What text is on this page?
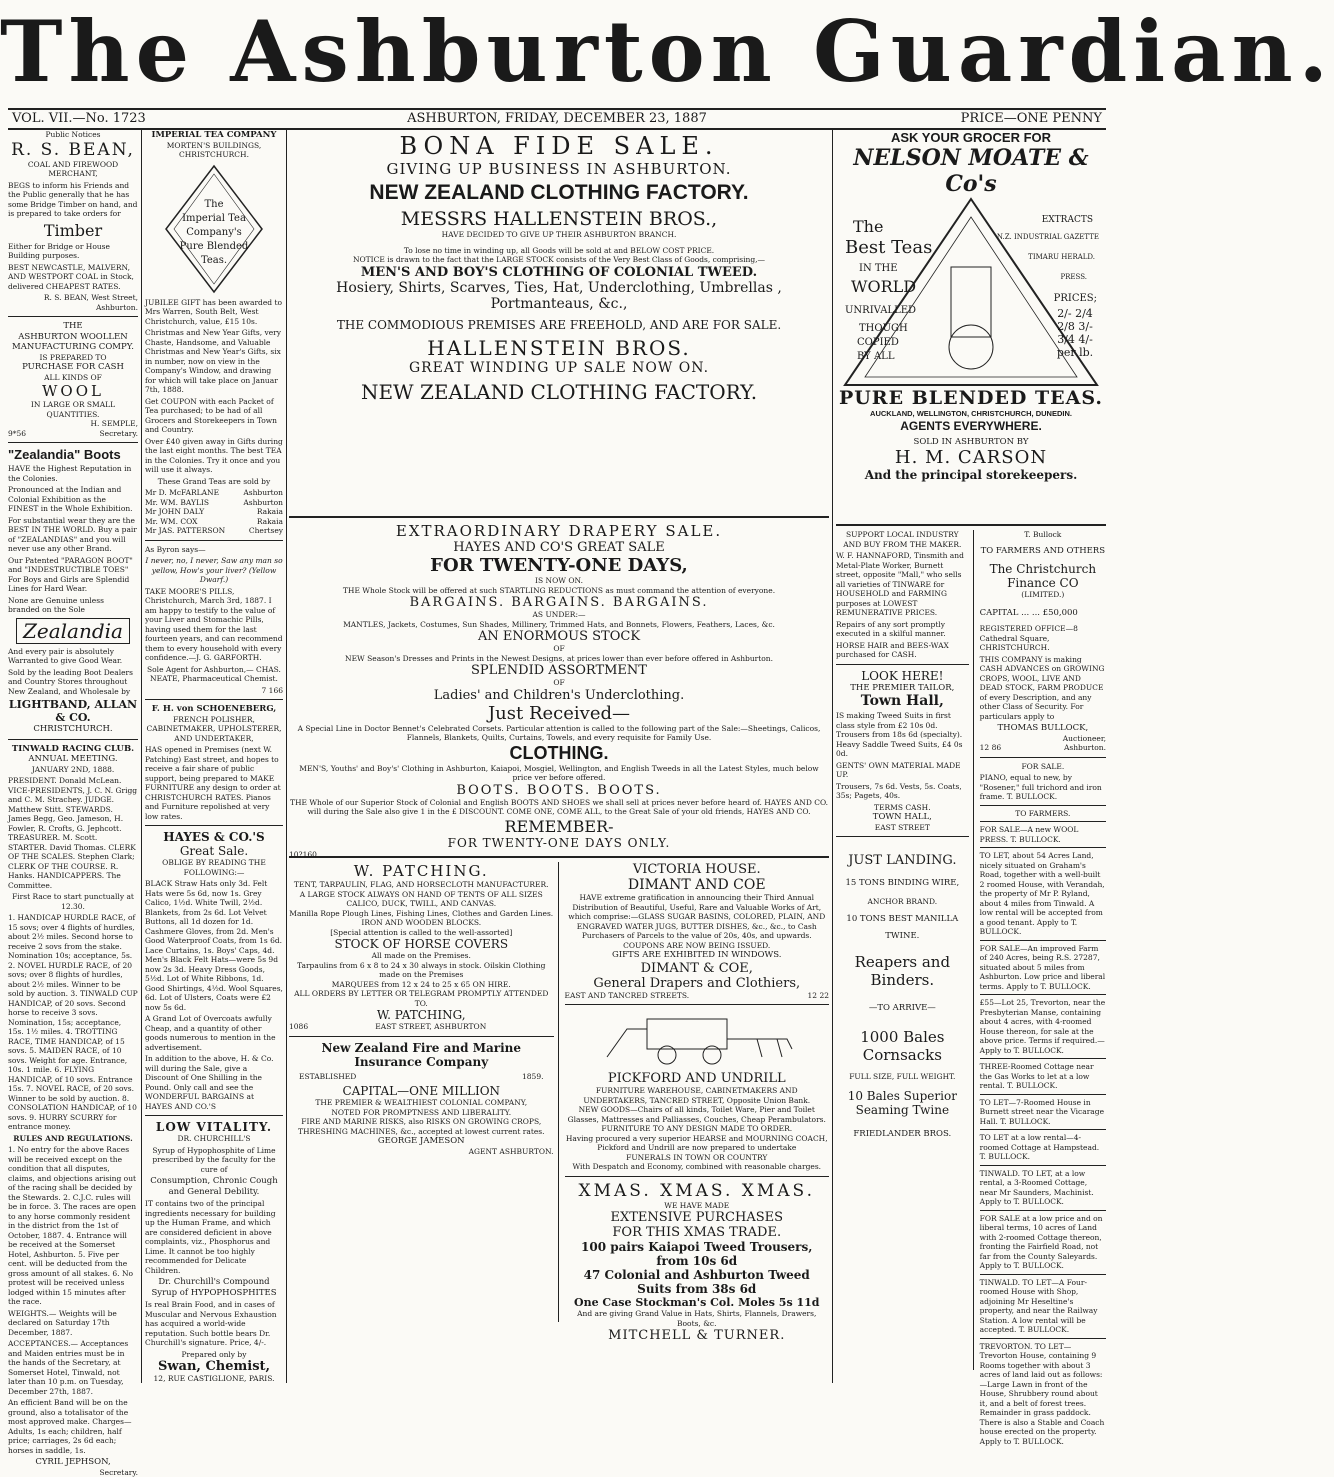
The Ashburton Guardian.
VOL. VII.—No. 1723	ASHBURTON, FRIDAY, DECEMBER 23, 1887	PRICE—ONE PENNY
Public Notices
R. S. BEAN,
COAL AND FIREWOOD MERCHANT,

BEGS to inform his Friends and the Public generally that he has some Bridge Timber on hand, and is prepared to take orders for

Timber

Either for Bridge or House Building purposes.

BEST NEWCASTLE, MALVERN, AND WESTPORT COAL in Stock, delivered CHEAPEST RATES.

R. S. BEAN, West Street, Ashburton.

THE
ASHBURTON WOOLLEN MANUFACTURING COMPY.
IS PREPARED TO
PURCHASE FOR CASH
ALL KINDS OF
WOOL
IN LARGE OR SMALL QUANTITIES.
H. SEMPLE,
9*56	Secretary.
"Zealandia" Boots

HAVE the Highest Reputation in the Colonies.

Pronounced at the Indian and Colonial Exhibition as the FINEST in the Whole Exhibition.

For substantial wear they are the BEST IN THE WORLD. Buy a pair of "ZEALANDIAS" and you will never use any other Brand.

Our Patented "PARAGON BOOT" and "INDESTRUCTIBLE TOES" For Boys and Girls are Splendid Lines for Hard Wear.

None are Genuine unless branded on the Sole

Zealandia

And every pair is absolutely Warranted to give Good Wear.

Sold by the leading Boot Dealers and Country Stores throughout New Zealand, and Wholesale by

LIGHTBAND, ALLAN & CO.
CHRISTCHURCH.
TINWALD RACING CLUB.
ANNUAL MEETING.
JANUARY 2ND, 1888.

PRESIDENT. Donald McLean. VICE-PRESIDENTS, J. C. N. Grigg and C. M. Strachey. JUDGE. Matthew Stitt. STEWARDS. James Begg, Geo. Jameson, H. Fowler, R. Crofts, G. Jephcott. TREASURER. M. Scott. STARTER. David Thomas. CLERK OF THE SCALES. Stephen Clark; CLERK OF THE COURSE. R. Hanks. HANDICAPPERS. The Committee.

First Race to start punctually at 12.30.

1. HANDICAP HURDLE RACE, of 15 sovs; over 4 flights of hurdles, about 2½ miles. Second horse to receive 2 sovs from the stake. Nomination 10s; acceptance, 5s. 2. NOVEL HURDLE RACE, of 20 sovs; over 8 flights of hurdles, about 2½ miles. Winner to be sold by auction. 3. TINWALD CUP HANDICAP, of 20 sovs. Second horse to receive 3 sovs. Nomination, 15s; acceptance, 15s. 1½ miles. 4. TROTTING RACE, TIME HANDICAP, of 15 sovs. 5. MAIDEN RACE, of 10 sovs. Weight for age. Entrance, 10s. 1 mile. 6. FLYING HANDICAP, of 10 sovs. Entrance 15s. 7. NOVEL RACE, of 20 sovs. Winner to be sold by auction. 8. CONSOLATION HANDICAP, of 10 sovs. 9. HURRY SCURRY for entrance money.

RULES AND REGULATIONS.

1. No entry for the above Races will be received except on the condition that all disputes, claims, and objections arising out of the racing shall be decided by the Stewards. 2. C.J.C. rules will be in force. 3. The races are open to any horse commonly resident in the district from the 1st of October, 1887. 4. Entrance will be received at the Somerset Hotel, Ashburton. 5. Five per cent. will be deducted from the gross amount of all stakes. 6. No protest will be received unless lodged within 15 minutes after the race.

WEIGHTS.— Weights will be declared on Saturday 17th December, 1887.

ACCEPTANCES.— Acceptances and Maiden entries must be in the hands of the Secretary, at Somerset Hotel, Tinwald, not later than 10 p.m. on Tuesday, December 27th, 1887.

An efficient Band will be on the ground, also a totalisator of the most approved make. Charges—Adults, 1s each; children, half price; carriages, 2s 6d each; horses in saddle, 1s.

CYRIL JEPHSON,
Secretary.
IMPERIAL TEA COMPANY
MORTEN'S BUILDINGS,
CHRISTCHURCH.
The
Imperial Tea
Company's
Pure Blended
Teas.

JUBILEE GIFT has been awarded to Mrs Warren, South Belt, West Christchurch, value, £15 10s.

Christmas and New Year Gifts, very Chaste, Handsome, and Valuable Christmas and New Year's Gifts, six in number, now on view in the Company's Window, and drawing for which will take place on Januar 7th, 1888.

Get COUPON with each Packet of Tea purchased; to be had of all Grocers and Storekeepers in Town and Country.

Over £40 given away in Gifts during the last eight months. The best TEA in the Colonies. Try it once and you will use it always.

These Grand Teas are sold by

Mr D. McFARLANE	Ashburton
Mr. WM. BAYLIS	Ashburton
Mr JOHN DALY	Rakaia
Mr. WM. COX	Rakaia
Mr JAS. PATTERSON	Chertsey

As Byron says—

I never, no, I never, Saw any man so yellow, How's your liver? (Yellow Dwarf.)

TAKE MOORE'S PILLS, Christchurch, March 3rd, 1887. I am happy to testify to the value of your Liver and Stomachic Pills, having used them for the last fourteen years, and can recommend them to every household with every confidence.—J. G. GARFORTH.

Sole Agent for Ashburton,— CHAS. NEATE, Pharmaceutical Chemist.

7 166
F. H. von SCHOENEBERG,
FRENCH POLISHER, CABINETMAKER, UPHOLSTERER, AND UNDERTAKER,

HAS opened in Premises (next W. Patching) East street, and hopes to receive a fair share of public support, being prepared to MAKE FURNITURE any design to order at CHRISTCHURCH RATES. Pianos and Furniture repolished at very low rates.

HAYES & CO.'S
Great Sale.
OBLIGE BY READING THE FOLLOWING:—

BLACK Straw Hats only 3d. Felt Hats were 5s 6d, now 1s. Grey Calico, 1½d. White Twill, 2½d. Blankets, from 2s 6d. Lot Velvet Buttons, all 1d dozen for 1d. Cashmere Gloves, from 2d. Men's Good Waterproof Coats, from 1s 6d. Lace Curtains, 1s. Boys' Caps, 4d. Men's Black Felt Hats—were 5s 9d now 2s 3d. Heavy Dress Goods, 5½d. Lot of White Ribbons, 1d. Good Shirtings, 4½d. Wool Squares, 6d. Lot of Ulsters, Coats were £2 now 5s 6d.

A Grand Lot of Overcoats awfully Cheap, and a quantity of other goods numerous to mention in the advertisement.

In addition to the above, H. & Co. will during the Sale, give a Discount of One Shilling in the Pound. Only call and see the WONDERFUL BARGAINS at HAYES AND CO.'S

LOW VITALITY.
DR. CHURCHILL'S

Syrup of Hypophosphite of Lime prescribed by the faculty for the cure of

Consumption, Chronic Cough and General Debility.

IT contains two of the principal ingredients necessary for building up the Human Frame, and which are considered deficient in above complaints, viz., Phosphorus and Lime. It cannot be too highly recommended for Delicate Children.

Dr. Churchill's Compound Syrup of HYPOPHOSPHITES

Is real Brain Food, and in cases of Muscular and Nervous Exhaustion has acquired a world-wide reputation. Such bottle bears Dr. Churchill's signature. Price, 4/-.

Prepared only by
Swan, Chemist,
12, RUE CASTIGLIONE, PARIS.
BONA FIDE SALE.
GIVING UP BUSINESS IN ASHBURTON.
NEW ZEALAND CLOTHING FACTORY.
MESSRS HALLENSTEIN BROS.,
HAVE DECIDED TO GIVE UP THEIR ASHBURTON BRANCH.
To lose no time in winding up, all Goods will be sold at and BELOW COST PRICE.
NOTICE is drawn to the fact that the LARGE STOCK consists of the Very Best Class of Goods, comprising,—
MEN'S AND BOY'S CLOTHING OF COLONIAL TWEED.
Hosiery, Shirts, Scarves, Ties, Hat, Underclothing, Umbrellas , Portmanteaus, &c.,
THE COMMODIOUS PREMISES ARE FREEHOLD, AND ARE FOR SALE.
HALLENSTEIN BROS.
GREAT WINDING UP SALE NOW ON.
NEW ZEALAND CLOTHING FACTORY.
EXTRAORDINARY DRAPERY SALE.
HAYES AND CO'S GREAT SALE
FOR TWENTY-ONE DAYS,
IS NOW ON.
THE Whole Stock will be offered at such STARTLING REDUCTIONS as must command the attention of everyone.
BARGAINS. BARGAINS. BARGAINS.
AS UNDER:—
MANTLES, Jackets, Costumes, Sun Shades, Millinery, Trimmed Hats, and Bonnets, Flowers, Feathers, Laces, &c.
AN ENORMOUS STOCK
OF
NEW Season's Dresses and Prints in the Newest Designs, at prices lower than ever before offered in Ashburton.
SPLENDID ASSORTMENT
OF
Ladies' and Children's Underclothing.
Just Received—
A Special Line in Doctor Bennet's Celebrated Corsets. Particular attention is called to the following part of the Sale:—Sheetings, Calicos, Flannels, Blankets, Quilts, Curtains, Towels, and every requisite for Family Use.
CLOTHING.
MEN'S, Youths' and Boy's' Clothing in Ashburton, Kaiapoi, Mosgiel, Wellington, and English Tweeds in all the Latest Styles, much below price ver before offered.
BOOTS. BOOTS. BOOTS.
THE Whole of our Superior Stock of Colonial and English BOOTS AND SHOES we shall sell at prices never before heard of. HAYES AND CO. will during the Sale also give 1 in the £ DISCOUNT. COME ONE, COME ALL, to the Great Sale of your old friends, HAYES AND CO.
REMEMBER-
FOR TWENTY-ONE DAYS ONLY.
10?160
W. PATCHING.
TENT, TARPAULIN, FLAG, AND HORSECLOTH MANUFACTURER.
A LARGE STOCK ALWAYS ON HAND OF TENTS OF ALL SIZES CALICO, DUCK, TWILL, AND CANVAS.
Manilla Rope Plough Lines, Fishing Lines, Clothes and Garden Lines.
IRON AND WOODEN BLOCKS.
[Special attention is called to the well-assorted]
STOCK OF HORSE COVERS
All made on the Premises.
Tarpaulins from 6 x 8 to 24 x 30 always in stock. Oilskin Clothing made on the Premises
MARQUEES from 12 x 24 to 25 x 65 ON HIRE.
ALL ORDERS BY LETTER OR TELEGRAM PROMPTLY ATTENDED TO.
W. PATCHING,
1086	EAST STREET, ASHBURTON
New Zealand Fire and Marine Insurance Company
ESTABLISHED	1859.
CAPITAL—ONE MILLION
THE PREMIER & WEALTHIEST COLONIAL COMPANY,
NOTED FOR PROMPTNESS AND LIBERALITY.
FIRE AND MARINE RISKS, also RISKS ON GROWING CROPS, THRESHING MACHINES, &c., accepted at lowest current rates.
GEORGE JAMESON
AGENT ASHBURTON.
VICTORIA HOUSE.
DIMANT AND COE
HAVE extreme gratification in announcing their Third Annual Distribution of Beautiful, Useful, Rare and Valuable Works of Art, which comprise:—GLASS SUGAR BASINS, COLORED, PLAIN, AND ENGRAVED WATER JUGS, BUTTER DISHES, &c., &c., to Cash Purchasers of Parcels to the value of 20s, 40s, and upwards.
COUPONS ARE NOW BEING ISSUED.
GIFTS ARE EXHIBITED IN WINDOWS.
DIMANT & COE,
General Drapers and Clothiers,
EAST AND TANCRED STREETS.	12 22
PICKFORD AND UNDRILL
FURNITURE WAREHOUSE, CABINETMAKERS AND UNDERTAKERS, TANCRED STREET, Opposite Union Bank.
NEW GOODS—Chairs of all kinds, Toilet Ware, Pier and Toilet Glasses, Mattresses and Palliasses, Couches, Cheap Perambulators.
FURNITURE TO ANY DESIGN MADE TO ORDER.
Having procured a very superior HEARSE and MOURNING COACH, Pickford and Undrill are now prepared to undertake
FUNERALS IN TOWN OR COUNTRY
With Despatch and Economy, combined with reasonable charges.
XMAS. XMAS. XMAS.
WE HAVE MADE
EXTENSIVE PURCHASES
FOR THIS XMAS TRADE.
100 pairs Kaiapoi Tweed Trousers,
from 10s 6d
47 Colonial and Ashburton Tweed
Suits from 38s 6d
One Case Stockman's Col. Moles 5s 11d
And are giving Grand Value in Hats, Shirts, Flannels, Drawers, Boots, &c.
MITCHELL & TURNER.
ASK YOUR GROCER FOR
NELSON MOATE & Co's
The
Best Teas
IN THE
WORLD
UNRIVALLED
THOUGH
COPIED
BY ALL
EXTRACTS
N.Z. INDUSTRIAL GAZETTE
TIMARU HERALD.
PRESS.
PRICES;
2/- 2/4 2/8 3/- 3/4 4/- per lb.
PURE BLENDED TEAS.
AUCKLAND, WELLINGTON, CHRISTCHURCH, DUNEDIN.
AGENTS EVERYWHERE.
SOLD IN ASHBURTON BY
H. M. CARSON
And the principal storekeepers.
SUPPORT LOCAL INDUSTRY AND BUY FROM THE MAKER.

W. F. HANNAFORD, Tinsmith and Metal-Plate Worker, Burnett street, opposite "Mall," who sells all varieties of TINWARE for HOUSEHOLD and FARMING purposes at LOWEST REMUNERATIVE PRICES.

Repairs of any sort promptly executed in a skilful manner.

HORSE HAIR and BEES-WAX purchased for CASH.

LOOK HERE!
THE PREMIER TAILOR,
Town Hall,

IS making Tweed Suits in first class style from £2 10s 0d. Trousers from 18s 6d (specialty). Heavy Saddle Tweed Suits, £4 0s 0d.

GENTS' OWN MATERIAL MADE UP.

Trousers, 7s 6d. Vests, 5s. Coats, 35s; Pagets, 40s.

TERMS CASH.
TOWN HALL,
EAST STREET
JUST LANDING.
15 TONS BINDING WIRE,
ANCHOR BRAND.
10 TONS BEST MANILLA
TWINE.
Reapers and Binders.
—TO ARRIVE—
1000 Bales Cornsacks
FULL SIZE, FULL WEIGHT.
10 Bales Superior Seaming Twine
FRIEDLANDER BROS.
T. Bullock
TO FARMERS AND OTHERS
The Christchurch Finance CO
(LIMITED.)
CAPITAL ... ... £50,000
REGISTERED OFFICE—8 Cathedral Square, CHRISTCHURCH.

THIS COMPANY is making CASH ADVANCES on GROWING CROPS, WOOL, LIVE AND DEAD STOCK, FARM PRODUCE of every Description, and any other Class of Security. For particulars apply to

THOMAS BULLOCK,
Auctioneer,
12 86	Ashburton.
FOR SALE.

PIANO, equal to new, by "Rosener," full trichord and iron frame. T. BULLOCK.

TO FARMERS.

FOR SALE—A new WOOL PRESS. T. BULLOCK.

TO LET, about 54 Acres Land, nicely situated on Graham's Road, together with a well-built 2 roomed House, with Verandah, the property of Mr P. Ryland, about 4 miles from Tinwald. A low rental will be accepted from a good tenant. Apply to T. BULLOCK.

FOR SALE—An improved Farm of 240 Acres, being R.S. 27287, situated about 5 miles from Ashburton. Low price and liberal terms. Apply to T. BULLOCK.

£55—Lot 25, Trevorton, near the Presbyterian Manse, containing about 4 acres, with 4-roomed House thereon, for sale at the above price. Terms if required.—Apply to T. BULLOCK.

THREE-Roomed Cottage near the Gas Works to let at a low rental. T. BULLOCK.

TO LET—7-Roomed House in Burnett street near the Vicarage Hall. T. BULLOCK.

TO LET at a low rental—4-roomed Cottage at Hampstead. T. BULLOCK.

TINWALD. TO LET, at a low rental, a 3-Roomed Cottage, near Mr Saunders, Machinist. Apply to T. BULLOCK.

FOR SALE at a low price and on liberal terms, 10 acres of Land with 2-roomed Cottage thereon, fronting the Fairfield Road, not far from the County Saleyards. Apply to T. BULLOCK.

TINWALD. TO LET—A Four-roomed House with Shop, adjoining Mr Heseltine's property, and near the Railway Station. A low rental will be accepted. T. BULLOCK.

TREVORTON. TO LET—Trevorton House, containing 9 Rooms together with about 3 acres of land laid out as follows:—Large Lawn in front of the House, Shrubbery round about it, and a belt of forest trees. Remainder in grass paddock. There is also a Stable and Coach house erected on the property. Apply to T. BULLOCK.
